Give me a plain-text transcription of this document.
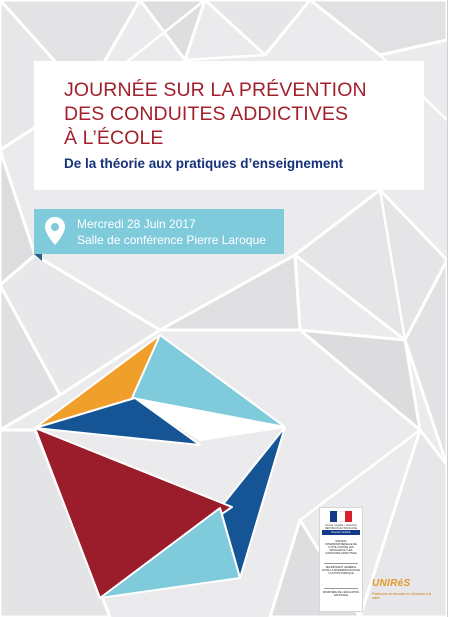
JOURNÉE SUR LA PRÉVENTION
DES CONDUITES ADDICTIVES
À L’ÉCOLE
De la théorie aux pratiques d’enseignement
Mercredi 28 Juin 2017
Salle de conférence Pierre Laroque
Liberté • Égalité • Fraternité RÉPUBLIQUE FRANÇAISE
Premier ministre
MISSION INTERMINISTÉRIELLE DE LUTTE CONTRE LES DROGUES ET LES CONDUITES ADDICTIVES
SECRÉTARIAT GÉNÉRAL POUR LA MODERNISATION DE L’ACTION PUBLIQUE
MINISTÈRE DE L’ÉDUCATION NATIONALE
UNIRéS
Plateforme de formation en éducation à la santé
